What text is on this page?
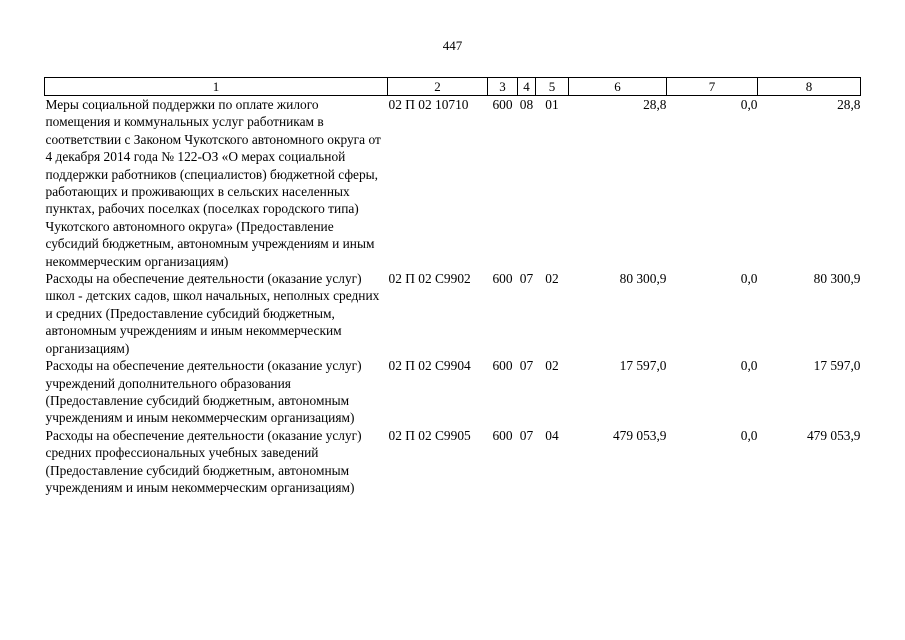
447
1	2	3	4	5	6	7	8
Меры социальной поддержки по оплате жилого помещения и коммунальных услуг работникам в соответствии с Законом Чукотского автономного округа от 4 декабря 2014 года № 122-ОЗ «О мерах социальной поддержки работников (специалистов) бюджетной сферы, работающих и проживающих в сельских населенных пунктах, рабочих поселках (поселках городского типа) Чукотского автономного округа» (Предоставление субсидий бюджетным, автономным учреждениям и иным некоммерческим организациям)	02 П 02 10710	600	08	01	28,8	0,0	28,8
Расходы на обеспечение деятельности (оказание услуг) школ - детских садов, школ начальных, неполных средних и средних (Предоставление субсидий бюджетным, автономным учреждениям и иным некоммерческим организациям)	02 П 02 С9902	600	07	02	80 300,9	0,0	80 300,9
Расходы на обеспечение деятельности (оказание услуг) учреждений дополнительного образования (Предоставление субсидий бюджетным, автономным учреждениям и иным некоммерческим организациям)	02 П 02 С9904	600	07	02	17 597,0	0,0	17 597,0
Расходы на обеспечение деятельности (оказание услуг) средних профессиональных учебных заведений (Предоставление субсидий бюджетным, автономным учреждениям и иным некоммерческим организациям)	02 П 02 С9905	600	07	04	479 053,9	0,0	479 053,9
